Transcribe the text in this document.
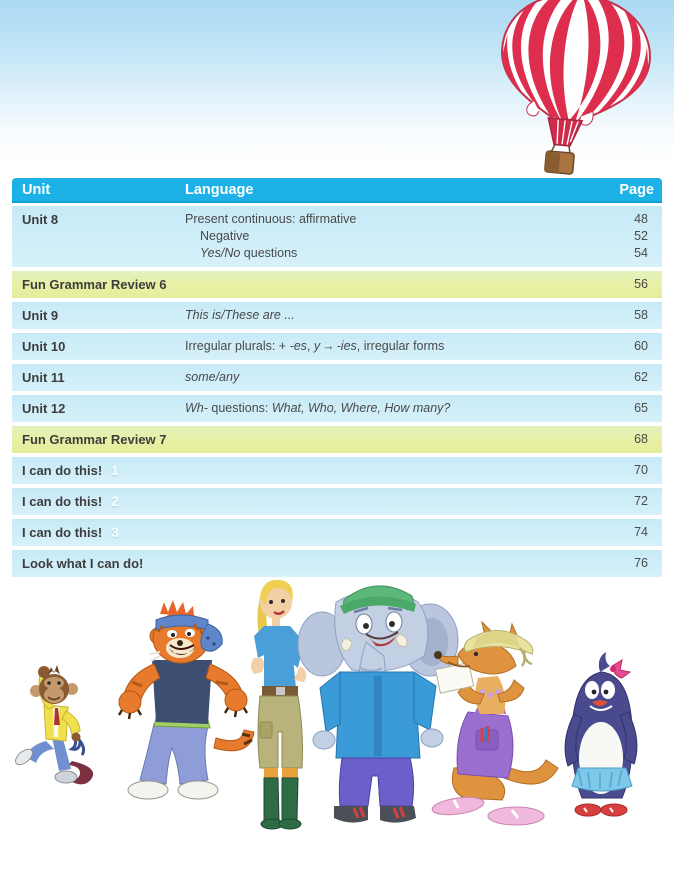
Unit	Language	Page
Unit 8	Present continuous: affirmative	48
Negative	52
Yes/No questions	54
Fun Grammar Review 6	56
Unit 9	This is/These are ...	58
Unit 10	Irregular plurals: + -es, y → -ies, irregular forms	60
Unit 11	some/any	62
Unit 12	Wh- questions: What, Who, Where, How many?	65
Fun Grammar Review 7	68
I can do this! 1	70
I can do this! 2	72
I can do this! 3	74
Look what I can do!	76
